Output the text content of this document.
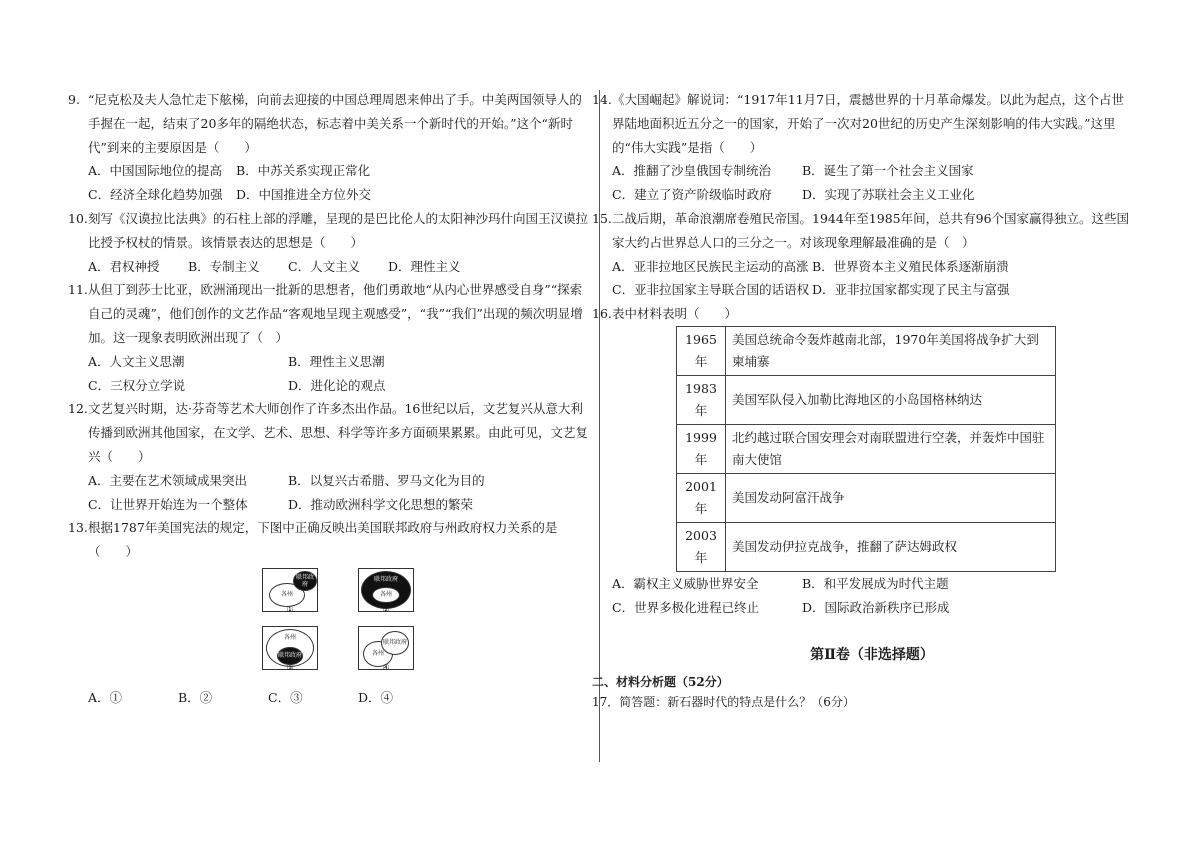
9. “尼克松及夫人急忙走下舷梯，向前去迎接的中国总理周恩来伸出了手。中美两国领导人的手握在一起，结束了20多年的隔绝状态，标志着中美关系一个新时代的开始。”这个“新时代”到来的主要原因是（　　）

A．中国国际地位的提高	B．中苏关系实现正常化
C．经济全球化趋势加强	D．中国推进全方位外交
10. 刻写《汉谟拉比法典》的石柱上部的浮雕，呈现的是巴比伦人的太阳神沙玛什向国王汉谟拉比授予权杖的情景。该情景表达的思想是（　　）

A．君权神授	B．专制主义	C．人文主义	D．理性主义
11. 从但丁到莎士比亚，欧洲涌现出一批新的思想者，他们勇敢地“从内心世界感受自身”“探索自己的灵魂”，他们创作的文艺作品“客观地呈现主观感受”，“我”“我们”出现的频次明显增加。这一现象表明欧洲出现了（　）

A．人文主义思潮	B．理性主义思潮
C．三权分立学说	D．进化论的观点
12. 文艺复兴时期，达·芬奇等艺术大师创作了许多杰出作品。16世纪以后，文艺复兴从意大利传播到欧洲其他国家，在文学、艺术、思想、科学等许多方面硕果累累。由此可见，文艺复兴（　　）

A．主要在艺术领域成果突出	B．以复兴古希腊、罗马文化为目的
C．让世界开始连为一个整体	D．推动欧洲科学文化思想的繁荣
13. 根据1787年美国宪法的规定，下图中正确反映出美国联邦政府与州政府权力关系的是（　　）

各州
联邦政府
①
联邦政府
各州
②
各州
联邦政府
③
各州
联邦政府
④
A．①	B．②	C．③	D．④
14. 《大国崛起》解说词：“1917年11月7日，震撼世界的十月革命爆发。以此为起点，这个占世界陆地面积近五分之一的国家，开始了一次对20世纪的历史产生深刻影响的伟大实践。”这里的“伟大实践”是指（　　）

A．推翻了沙皇俄国专制统治	B．诞生了第一个社会主义国家
C．建立了资产阶级临时政府	D．实现了苏联社会主义工业化
15. 二战后期，革命浪潮席卷殖民帝国。1944年至1985年间，总共有96个国家赢得独立。这些国家大约占世界总人口的三分之一。对该现象理解最准确的是（　）

A．亚非拉地区民族民主运动的高涨 B．世界资本主义殖民体系逐渐崩溃
C．亚非拉国家主导联合国的话语权 D．亚非拉国家都实现了民主与富强
16. 表中材料表明（　　）

1965年	美国总统命令轰炸越南北部，1970年美国将战争扩大到柬埔寨
1983年	美国军队侵入加勒比海地区的小岛国格林纳达
1999年	北约越过联合国安理会对南联盟进行空袭，并轰炸中国驻南大使馆
2001年	美国发动阿富汗战争
2003年	美国发动伊拉克战争，推翻了萨达姆政权
A．霸权主义威胁世界安全	B．和平发展成为时代主题
C．世界多极化进程已终止	D．国际政治新秩序已形成
第Ⅱ卷（非选择题）

二、材料分析题（52分）

17．简答题：新石器时代的特点是什么？（6分）
